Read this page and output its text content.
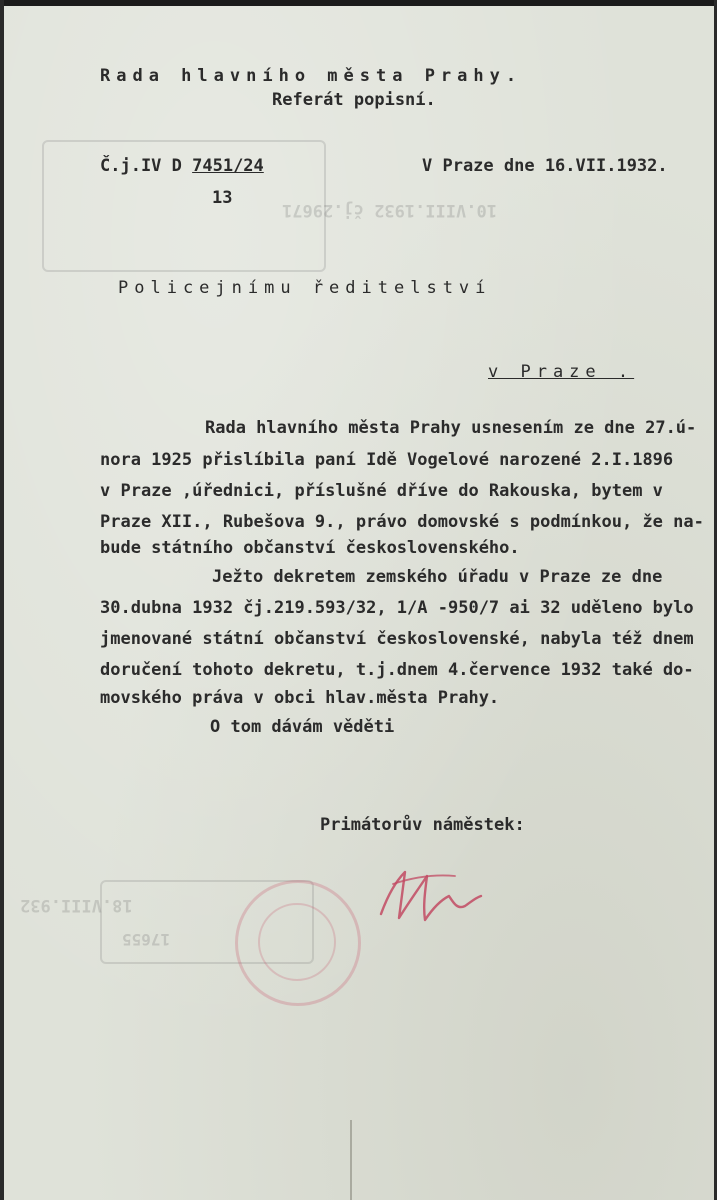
10.VIII.1932 čj.29671
18.VIII.932
17655
Rada hlavního města Prahy.
Referát popisní.
Č.j.IV D 7451/24
13
V Praze dne 16.VII.1932.
Policejnímu ředitelství
v Praze .
Rada hlavního města Prahy usnesením ze dne 27.ú-
nora 1925 přislíbila paní Idě Vogelové narozené 2.I.1896
v Praze ,úřednici, příslušné dříve do Rakouska, bytem v
Praze XII., Rubešova 9., právo domovské s podmínkou, že na-
bude státního občanství československého.
Ježto dekretem zemského úřadu v Praze ze dne
30.dubna 1932 čj.219.593/32, 1/A -950/7 ai 32 uděleno bylo
jmenované státní občanství československé, nabyla též dnem
doručení tohoto dekretu, t.j.dnem 4.července 1932 také do-
movského práva v obci hlav.města Prahy.
O tom dávám věděti
Primátorův náměstek:
